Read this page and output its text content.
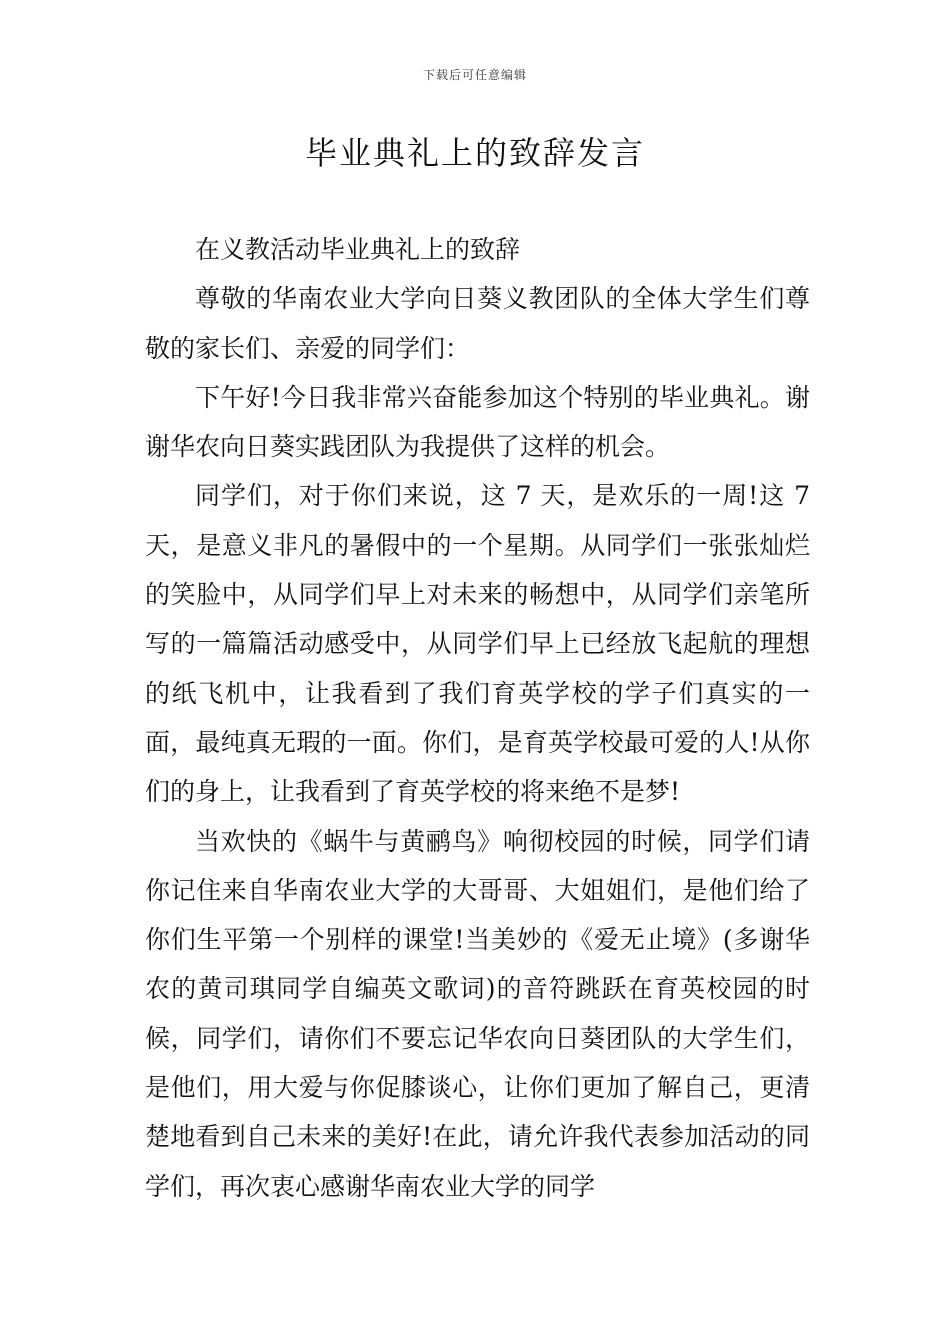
下载后可任意编辑
毕业典礼上的致辞发言

在义教活动毕业典礼上的致辞

尊敬的华南农业大学向日葵义教团队的全体大学生们尊敬的家长们、亲爱的同学们：

下午好!今日我非常兴奋能参加这个特别的毕业典礼。谢谢华农向日葵实践团队为我提供了这样的机会。

同学们，对于你们来说，这 7 天，是欢乐的一周!这 7 天，是意义非凡的暑假中的一个星期。从同学们一张张灿烂的笑脸中，从同学们早上对未来的畅想中，从同学们亲笔所写的一篇篇活动感受中，从同学们早上已经放飞起航的理想的纸飞机中，让我看到了我们育英学校的学子们真实的一面，最纯真无瑕的一面。你们，是育英学校最可爱的人!从你们的身上，让我看到了育英学校的将来绝不是梦!

当欢快的《蜗牛与黄鹂鸟》响彻校园的时候，同学们请你记住来自华南农业大学的大哥哥、大姐姐们，是他们给了你们生平第一个别样的课堂!当美妙的《爱无止境》(多谢华农的黄司琪同学自编英文歌词)的音符跳跃在育英校园的时候，同学们，请你们不要忘记华农向日葵团队的大学生们，是他们，用大爱与你促膝谈心，让你们更加了解自己，更清楚地看到自己未来的美好!在此，请允许我代表参加活动的同学们，再次衷心感谢华南农业大学的同学
